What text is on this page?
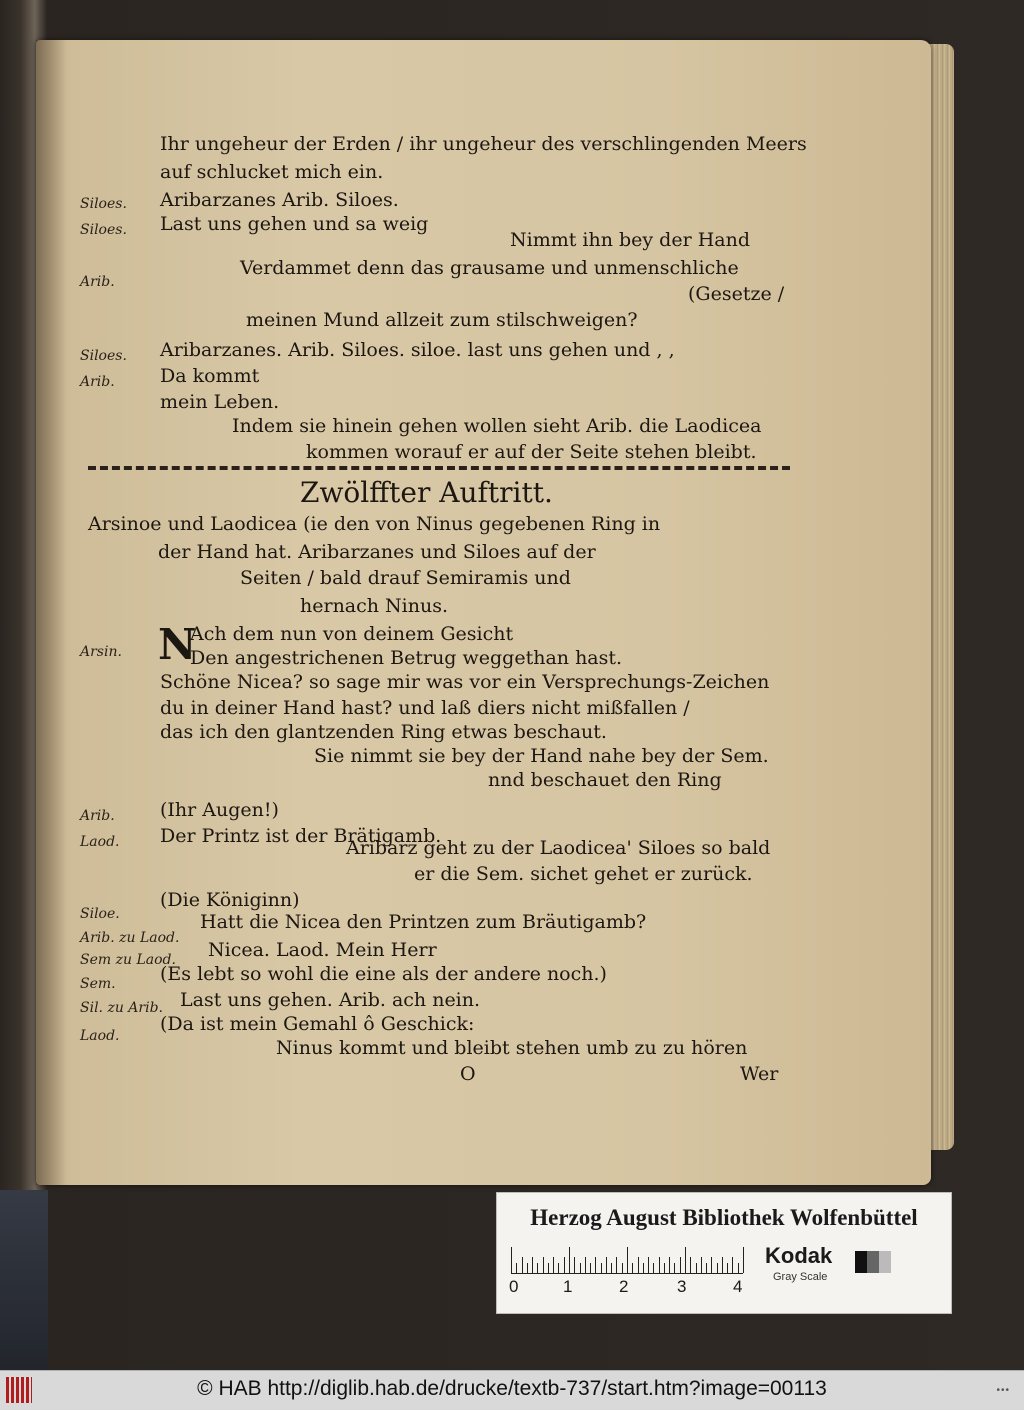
Ihr ungeheur der Erden / ihr ungeheur des verschlingenden Meers
auf schlucket mich ein.
Siloes. Aribarzanes Arib. Siloes.
Siloes. Last uns gehen und sa weig
Nimmt ihn bey der Hand
Arib.
Verdammet denn das grausame und unmenschliche
(Gesetze /
meinen Mund allzeit zum stilschweigen?
Siloes. Aribarzanes. Arib. Siloes. siloe. last uns gehen und , ,
Arib. Da kommt
mein Leben.
Indem sie hinein gehen wollen sieht Arib. die Laodicea
kommen worauf er auf der Seite stehen bleibt.
Zwölffter Auftritt.
Arsinoe und Laodicea (ie den von Ninus gegebenen Ring in
der Hand hat. Aribarzanes und Siloes auf der
Seiten / bald drauf Semiramis und
hernach Ninus.
Arsin. N
Ach dem nun von deinem Gesicht
Den angestrichenen Betrug weggethan hast.
Schöne Nicea? so sage mir was vor ein Versprechungs-Zeichen
du in deiner Hand hast? und laß diers nicht mißfallen /
das ich den glantzenden Ring etwas beschaut.
Sie nimmt sie bey der Hand nahe bey der Sem.
nnd beschauet den Ring
Arib. (Ihr Augen!)
Laod. Der Printz ist der Brätigamb.
Aribarz geht zu der Laodicea' Siloes so bald
er die Sem. sichet gehet er zurück.
Siloe.
(Die Königinn)
Arib. zu Laod.
Hatt die Nicea den Printzen zum Bräutigamb?
Sem zu Laod. Nicea. Laod. Mein Herr
Sem. (Es lebt so wohl die eine als der andere noch.)
Sil. zu Arib. Last uns gehen. Arib. ach nein.
Laod.
(Da ist mein Gemahl ô Geschick:
Ninus kommt und bleibt stehen umb zu zu hören
O	Wer
Herzog August Bibliothek Wolfenbüttel
0	1	2	3	4
Kodak
Gray Scale
© HAB http://diglib.hab.de/drucke/textb-737/start.htm?image=00113	•••
